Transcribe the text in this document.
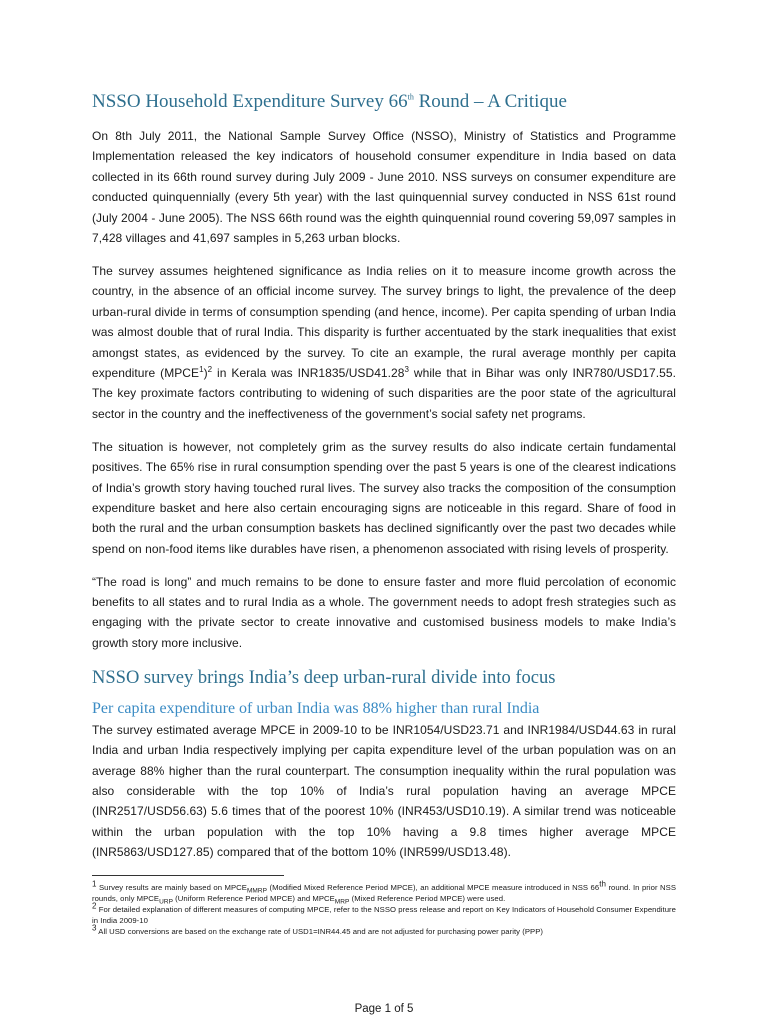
NSSO Household Expenditure Survey 66th Round – A Critique

On 8th July 2011, the National Sample Survey Office (NSSO), Ministry of Statistics and Programme Implementation released the key indicators of household consumer expenditure in India based on data collected in its 66th round survey during July 2009 - June 2010. NSS surveys on consumer expenditure are conducted quinquennially (every 5th year) with the last quinquennial survey conducted in NSS 61st round (July 2004 - June 2005). The NSS 66th round was the eighth quinquennial round covering 59,097 samples in 7,428 villages and 41,697 samples in 5,263 urban blocks.

The survey assumes heightened significance as India relies on it to measure income growth across the country, in the absence of an official income survey. The survey brings to light, the prevalence of the deep urban-rural divide in terms of consumption spending (and hence, income). Per capita spending of urban India was almost double that of rural India. This disparity is further accentuated by the stark inequalities that exist amongst states, as evidenced by the survey. To cite an example, the rural average monthly per capita expenditure (MPCE$^1$)$^2$ in Kerala was INR1835/USD41.28$^3$ while that in Bihar was only INR780/USD17.55. The key proximate factors contributing to widening of such disparities are the poor state of the agricultural sector in the country and the ineffectiveness of the government’s social safety net programs.

The situation is however, not completely grim as the survey results do also indicate certain fundamental positives. The 65% rise in rural consumption spending over the past 5 years is one of the clearest indications of India’s growth story having touched rural lives. The survey also tracks the composition of the consumption expenditure basket and here also certain encouraging signs are noticeable in this regard. Share of food in both the rural and the urban consumption baskets has declined significantly over the past two decades while spend on non-food items like durables have risen, a phenomenon associated with rising levels of prosperity.

“The road is long” and much remains to be done to ensure faster and more fluid percolation of economic benefits to all states and to rural India as a whole. The government needs to adopt fresh strategies such as engaging with the private sector to create innovative and customised business models to make India’s growth story more inclusive.

NSSO survey brings India’s deep urban-rural divide into focus
Per capita expenditure of urban India was 88% higher than rural India

The survey estimated average MPCE in 2009-10 to be INR1054/USD23.71 and INR1984/USD44.63 in rural India and urban India respectively implying per capita expenditure level of the urban population was on an average 88% higher than the rural counterpart. The consumption inequality within the rural population was also considerable with the top 10% of India’s rural population having an average MPCE (INR2517/USD56.63) 5.6 times that of the poorest 10% (INR453/USD10.19). A similar trend was noticeable within the urban population with the top 10% having a 9.8 times higher average MPCE (INR5863/USD127.85) compared that of the bottom 10% (INR599/USD13.48).

$^1$ Survey results are mainly based on $MPCE_{MMRP}$ (Modified Mixed Reference Period MPCE), an additional MPCE measure introduced in NSS 66th round. In prior NSS rounds, only $MPCE_{URP}$ (Uniform Reference Period MPCE) and $MPCE_{MRP}$ (Mixed Reference Period MPCE) were used.

$^2$ For detailed explanation of different measures of computing MPCE, refer to the NSSO press release and report on Key Indicators of Household Consumer Expenditure in India 2009-10

$^3$ All USD conversions are based on the exchange rate of USD1=INR44.45 and are not adjusted for purchasing power parity (PPP)

Page 1 of 5
